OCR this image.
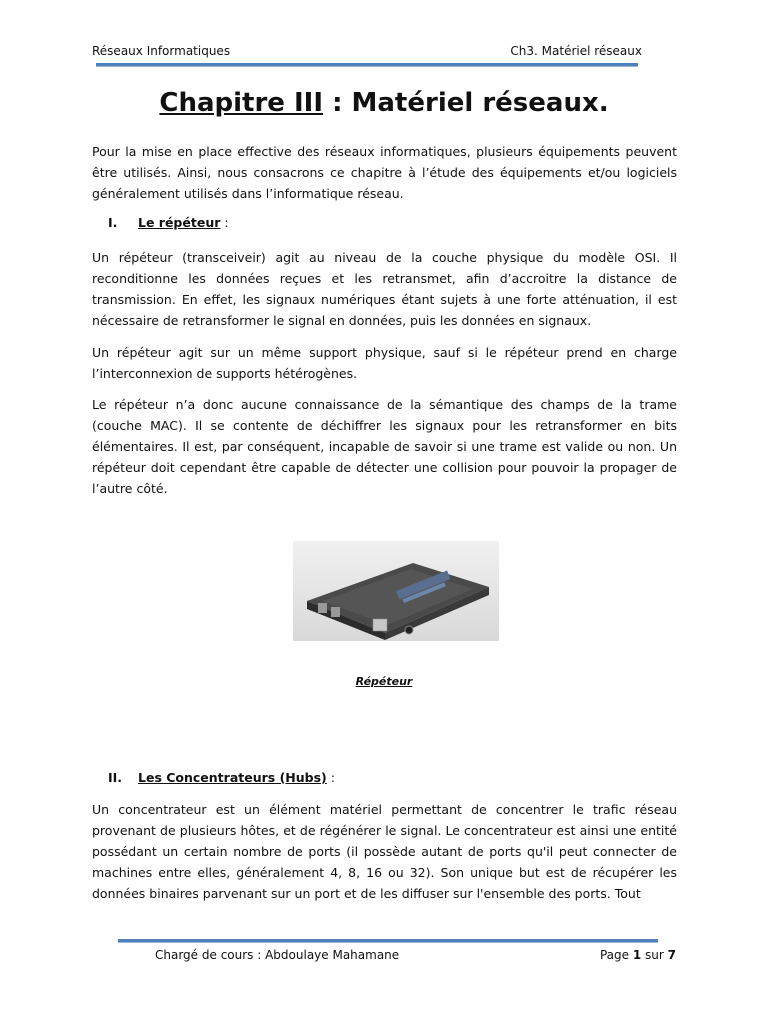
Réseaux Informatiques	Ch3. Matériel réseaux
Chapitre III : Matériel réseaux.

Pour la mise en place effective des réseaux informatiques, plusieurs équipements peuvent être utilisés. Ainsi, nous consacrons ce chapitre à l’étude des équipements et/ou logiciels généralement utilisés dans l’informatique réseau.

I. Le répéteur :

Un répéteur (transceiveir) agit au niveau de la couche physique du modèle OSI. Il reconditionne les données reçues et les retransmet, afin d’accroitre la distance de transmission. En effet, les signaux numériques étant sujets à une forte atténuation, il est nécessaire de retransformer le signal en données, puis les données en signaux.

Un répéteur agit sur un même support physique, sauf si le répéteur prend en charge l’interconnexion de supports hétérogènes.

Le répéteur n’a donc aucune connaissance de la sémantique des champs de la trame (couche MAC). Il se contente de déchiffrer les signaux pour les retransformer en bits élémentaires. Il est, par conséquent, incapable de savoir si une trame est valide ou non. Un répéteur doit cependant être capable de détecter une collision pour pouvoir la propager de l’autre côté.

Répéteur
II. Les Concentrateurs (Hubs) :

Un concentrateur est un élément matériel permettant de concentrer le trafic réseau provenant de plusieurs hôtes, et de régénérer le signal. Le concentrateur est ainsi une entité possédant un certain nombre de ports (il possède autant de ports qu'il peut connecter de machines entre elles, généralement 4, 8, 16 ou 32). Son unique but est de récupérer les données binaires parvenant sur un port et de les diffuser sur l'ensemble des ports. Tout

Chargé de cours : Abdoulaye Mahamane	Page 1 sur 7
